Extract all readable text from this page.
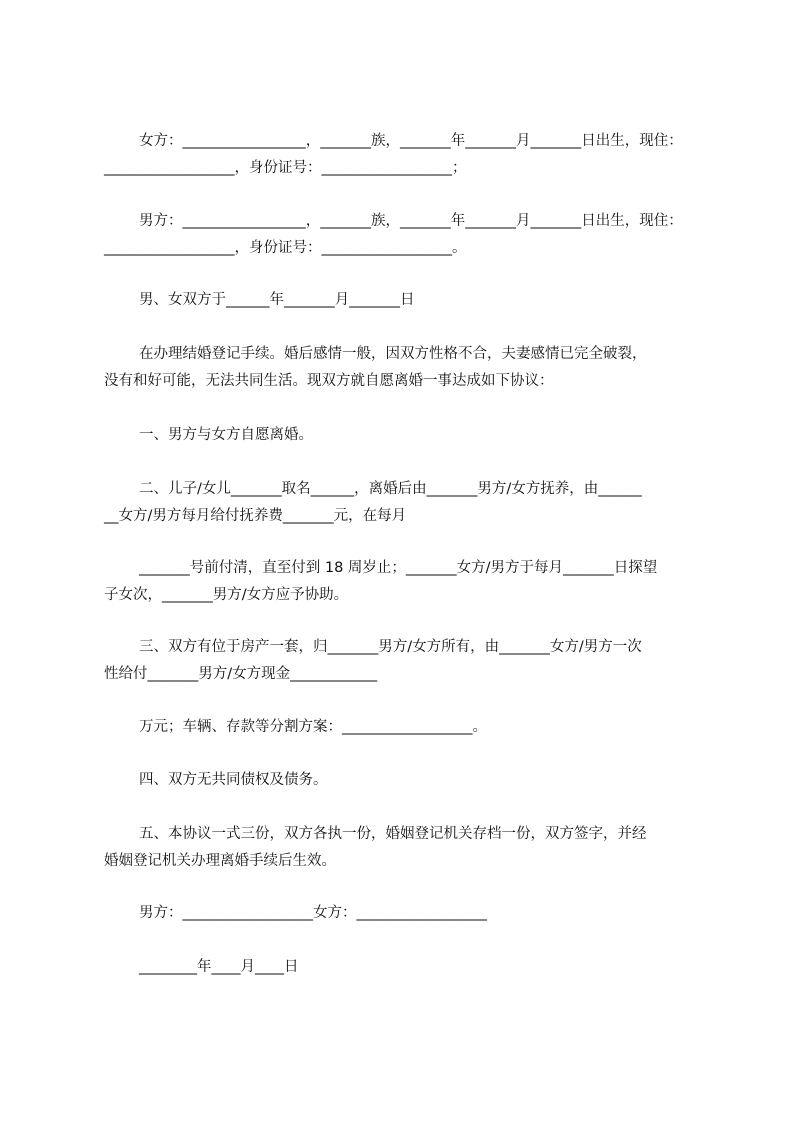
女方：_________________，_______族，_______年_______月_______日出生，现住：
__________________，身份证号：__________________；
男方：_________________，_______族，_______年_______月_______日出生，现住：
__________________，身份证号：__________________。
男、女双方于______年_______月_______日
在办理结婚登记手续。婚后感情一般，因双方性格不合，夫妻感情已完全破裂，
没有和好可能，无法共同生活。现双方就自愿离婚一事达成如下协议：
一、男方与女方自愿离婚。
二、儿子/女儿_______取名______，离婚后由_______男方/女方抚养，由______
__女方/男方每月给付抚养费_______元，在每月
_______号前付清，直至付到 18 周岁止；_______女方/男方于每月_______日探望
子女次，_______男方/女方应予协助。
三、双方有位于房产一套，归_______男方/女方所有，由_______女方/男方一次
性给付_______男方/女方现金____________
万元；车辆、存款等分割方案：__________________。
四、双方无共同债权及债务。
五、本协议一式三份，双方各执一份，婚姻登记机关存档一份，双方签字，并经
婚姻登记机关办理离婚手续后生效。
男方：__________________女方：__________________
________年____月____日
